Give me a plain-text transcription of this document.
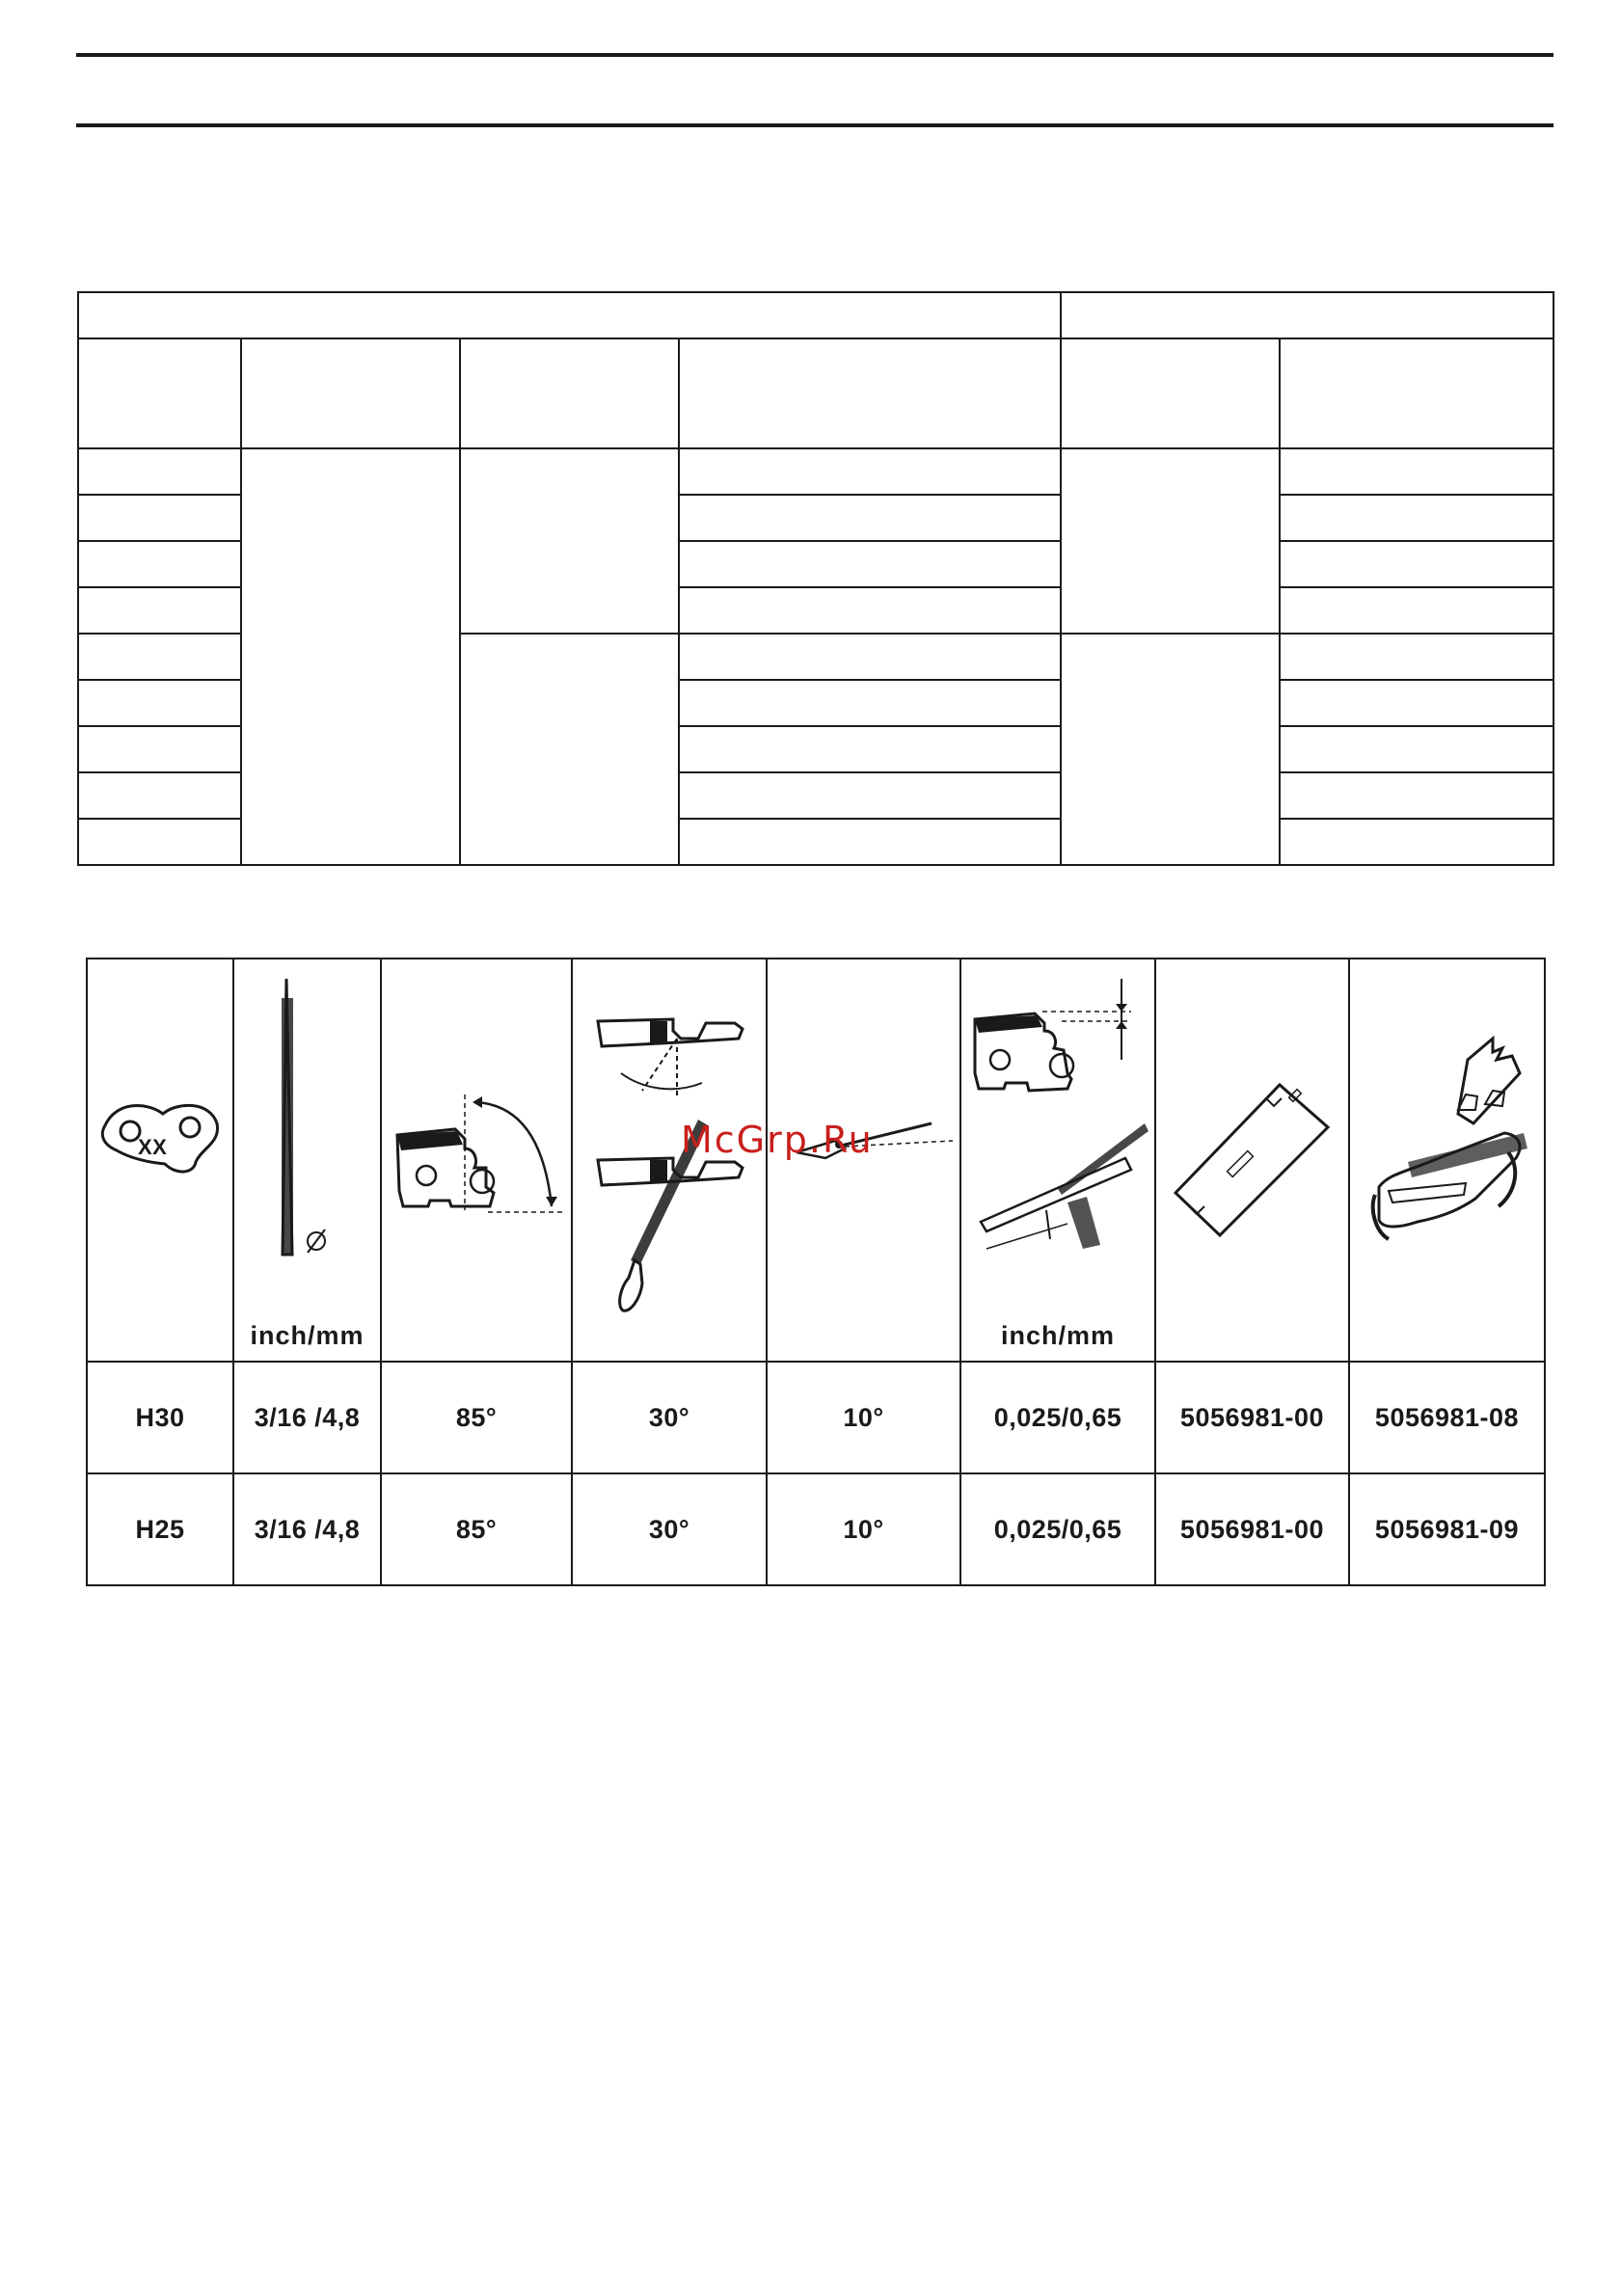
XX	inch/mm				inch/mm

H30	3/16 /4,8	85°	30°	10°	0,025/0,65	5056981-00	5056981-08
H25	3/16 /4,8	85°	30°	10°	0,025/0,65	5056981-00	5056981-09
McGrp.Ru
